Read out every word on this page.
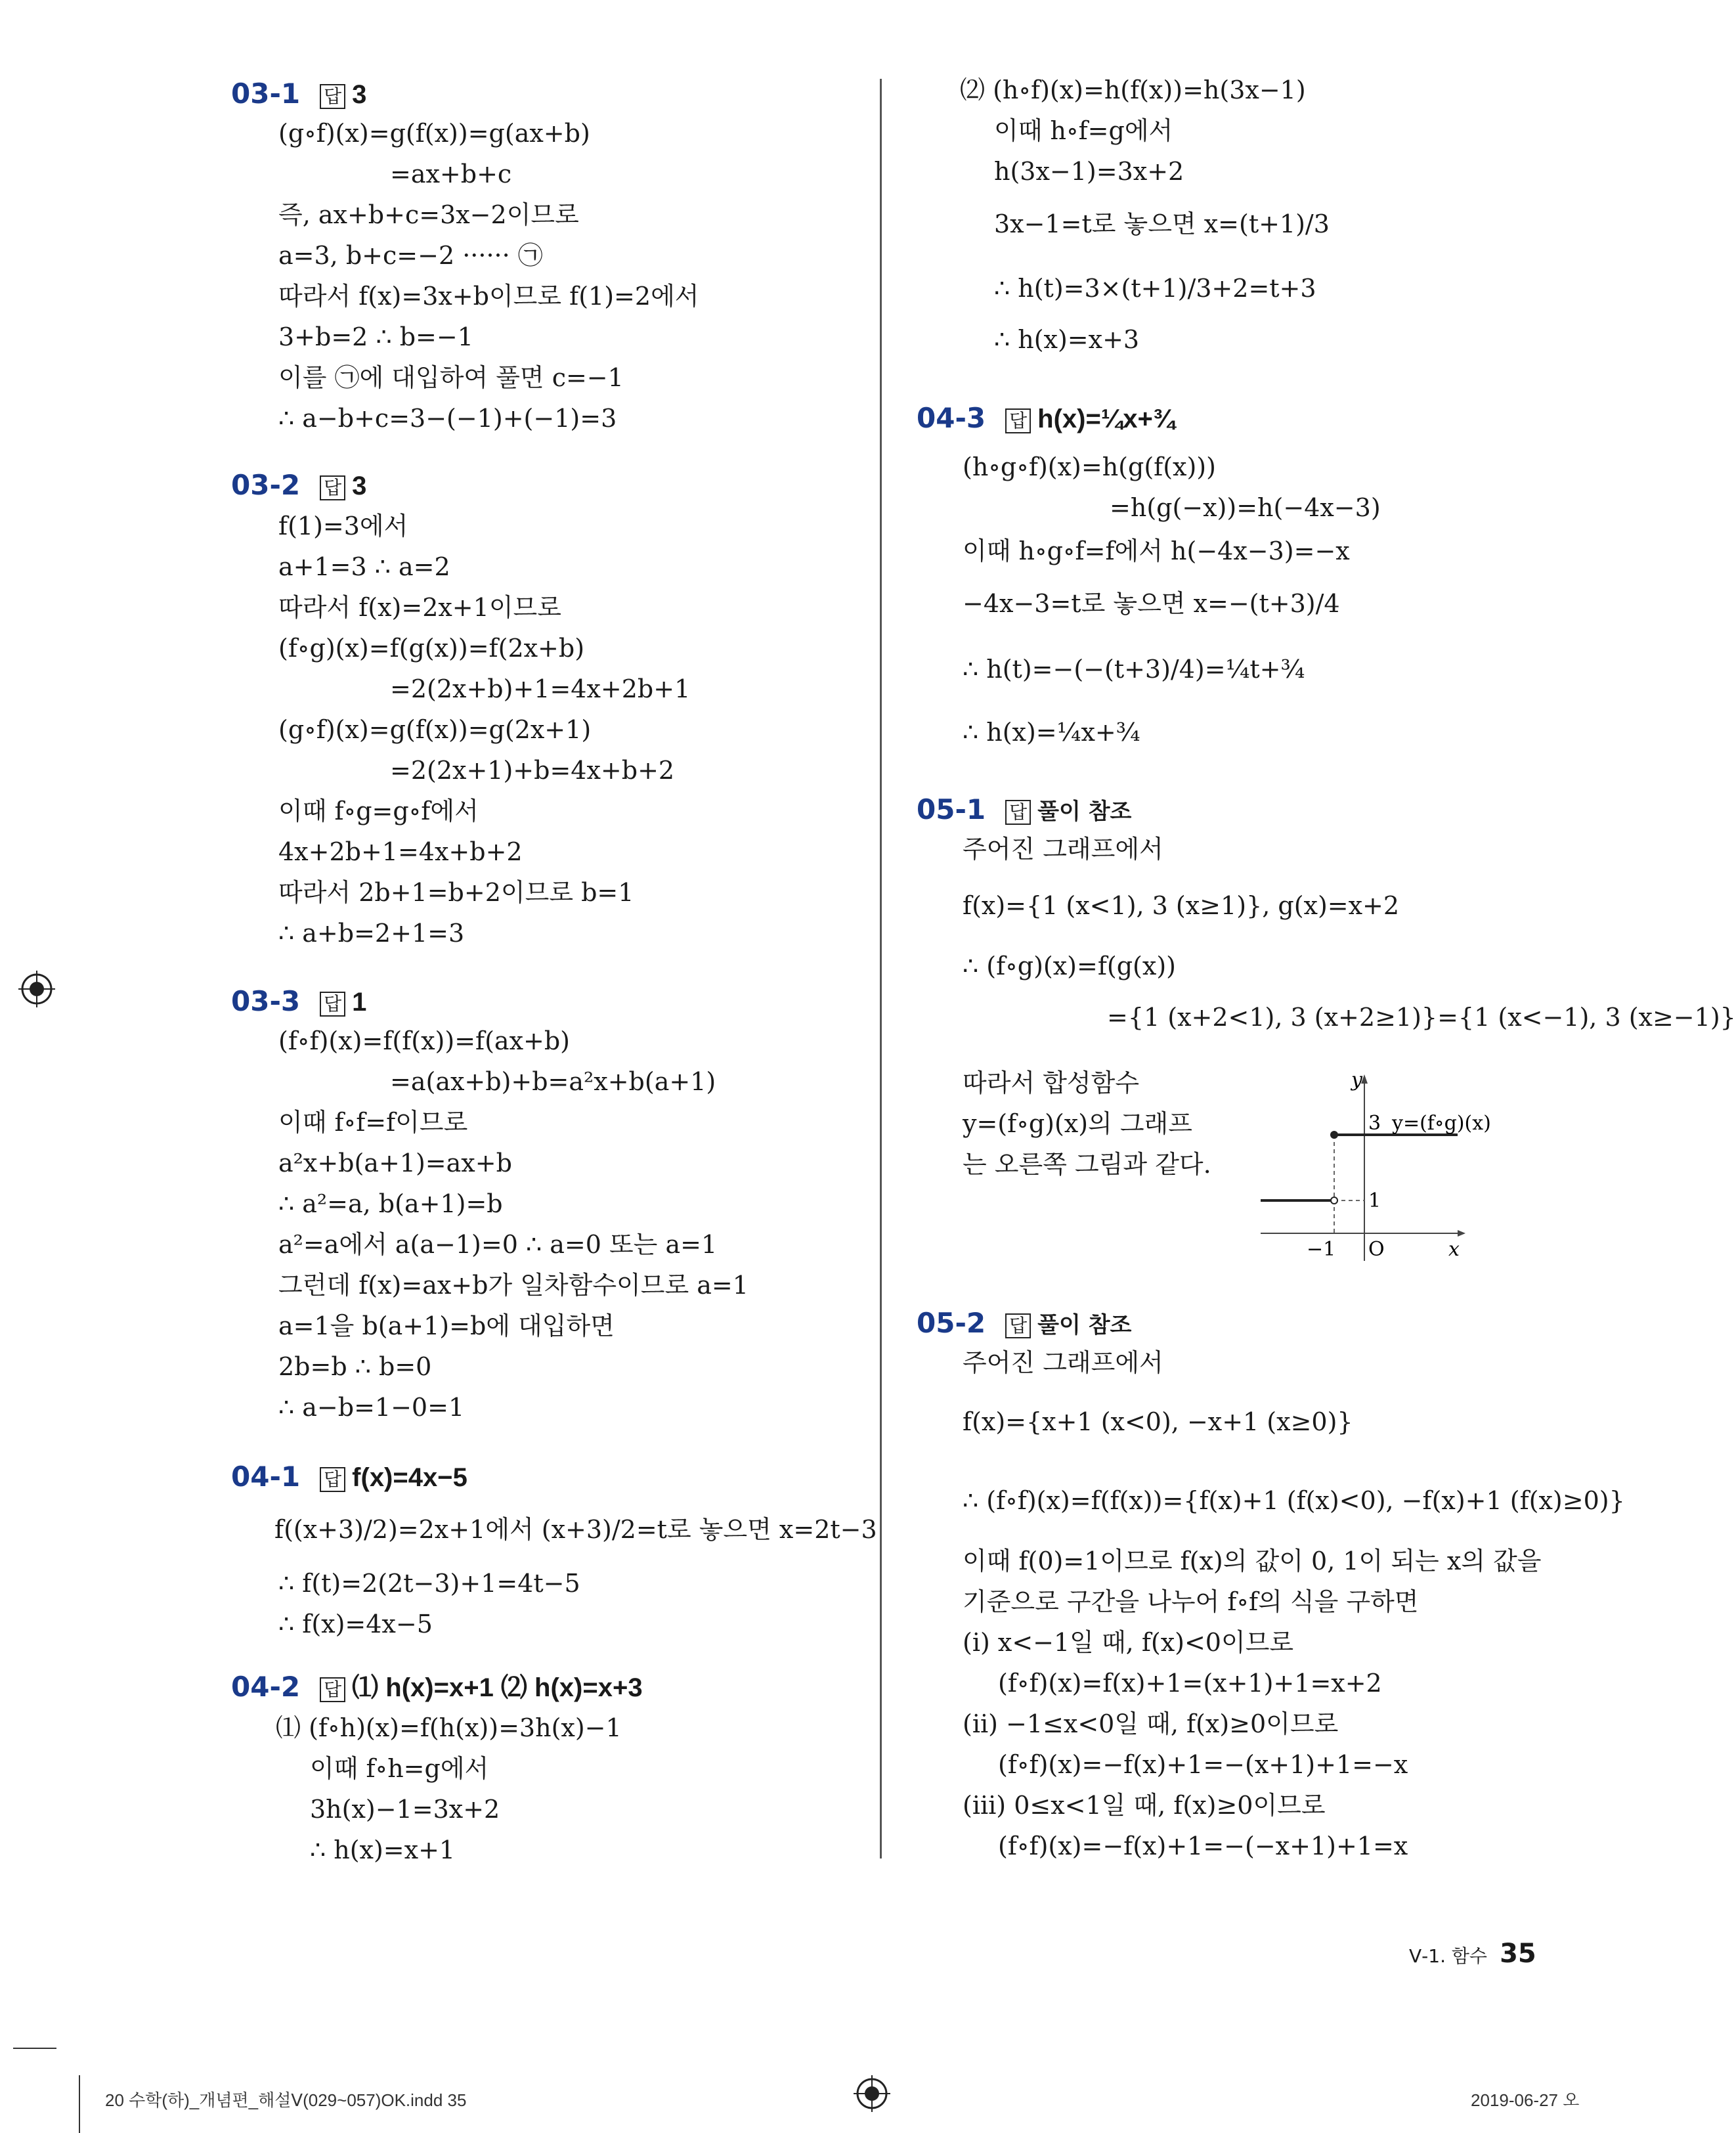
03-1 답 3
(g∘f)(x)=g(f(x))=g(ax+b)
=ax+b+c
즉, ax+b+c=3x−2이므로
a=3, b+c=−2 ······ ㉠
따라서 f(x)=3x+b이므로 f(1)=2에서
3+b=2 ∴ b=−1
이를 ㉠에 대입하여 풀면 c=−1
∴ a−b+c=3−(−1)+(−1)=3
03-2 답 3
f(1)=3에서
a+1=3 ∴ a=2
따라서 f(x)=2x+1이므로
(f∘g)(x)=f(g(x))=f(2x+b)
=2(2x+b)+1=4x+2b+1
(g∘f)(x)=g(f(x))=g(2x+1)
=2(2x+1)+b=4x+b+2
이때 f∘g=g∘f에서
4x+2b+1=4x+b+2
따라서 2b+1=b+2이므로 b=1
∴ a+b=2+1=3
03-3 답 1
(f∘f)(x)=f(f(x))=f(ax+b)
=a(ax+b)+b=a²x+b(a+1)
이때 f∘f=f이므로
a²x+b(a+1)=ax+b
∴ a²=a, b(a+1)=b
a²=a에서 a(a−1)=0 ∴ a=0 또는 a=1
그런데 f(x)=ax+b가 일차함수이므로 a=1
a=1을 b(a+1)=b에 대입하면
2b=b ∴ b=0
∴ a−b=1−0=1
04-1 답 f(x)=4x−5
f((x+3)/2)=2x+1에서 (x+3)/2=t로 놓으면 x=2t−3
∴ f(t)=2(2t−3)+1=4t−5
∴ f(x)=4x−5
04-2 답 ⑴ h(x)=x+1 ⑵ h(x)=x+3
⑴ (f∘h)(x)=f(h(x))=3h(x)−1
이때 f∘h=g에서
3h(x)−1=3x+2
∴ h(x)=x+1
⑵ (h∘f)(x)=h(f(x))=h(3x−1)
이때 h∘f=g에서
h(3x−1)=3x+2
3x−1=t로 놓으면 x=(t+1)/3
∴ h(t)=3×(t+1)/3+2=t+3
∴ h(x)=x+3
04-3 답 h(x)=¼x+¾
(h∘g∘f)(x)=h(g(f(x)))
=h(g(−x))=h(−4x−3)
이때 h∘g∘f=f에서 h(−4x−3)=−x
−4x−3=t로 놓으면 x=−(t+3)/4
∴ h(t)=−(−(t+3)/4)=¼t+¾
∴ h(x)=¼x+¾
05-1 답 풀이 참조
주어진 그래프에서
f(x)={1 (x<1), 3 (x≥1)}, g(x)=x+2
∴ (f∘g)(x)=f(g(x))
={1 (x+2<1), 3 (x+2≥1)}={1 (x<−1), 3 (x≥−1)}
따라서 합성함수
y=(f∘g)(x)의 그래프
는 오른쪽 그림과 같다.
y
x
O
3
1
−1
y=(f∘g)(x)
05-2 답 풀이 참조
주어진 그래프에서
f(x)={x+1 (x<0), −x+1 (x≥0)}
∴ (f∘f)(x)=f(f(x))={f(x)+1 (f(x)<0), −f(x)+1 (f(x)≥0)}
이때 f(0)=1이므로 f(x)의 값이 0, 1이 되는 x의 값을
기준으로 구간을 나누어 f∘f의 식을 구하면
(ⅰ) x<−1일 때, f(x)<0이므로
(f∘f)(x)=f(x)+1=(x+1)+1=x+2
(ⅱ) −1≤x<0일 때, f(x)≥0이므로
(f∘f)(x)=−f(x)+1=−(x+1)+1=−x
(ⅲ) 0≤x<1일 때, f(x)≥0이므로
(f∘f)(x)=−f(x)+1=−(−x+1)+1=x
Ⅴ-1. 함수 35
20 수학(하)_개념편_해설Ⅴ(029~057)OK.indd 35	2019-06-27 오
